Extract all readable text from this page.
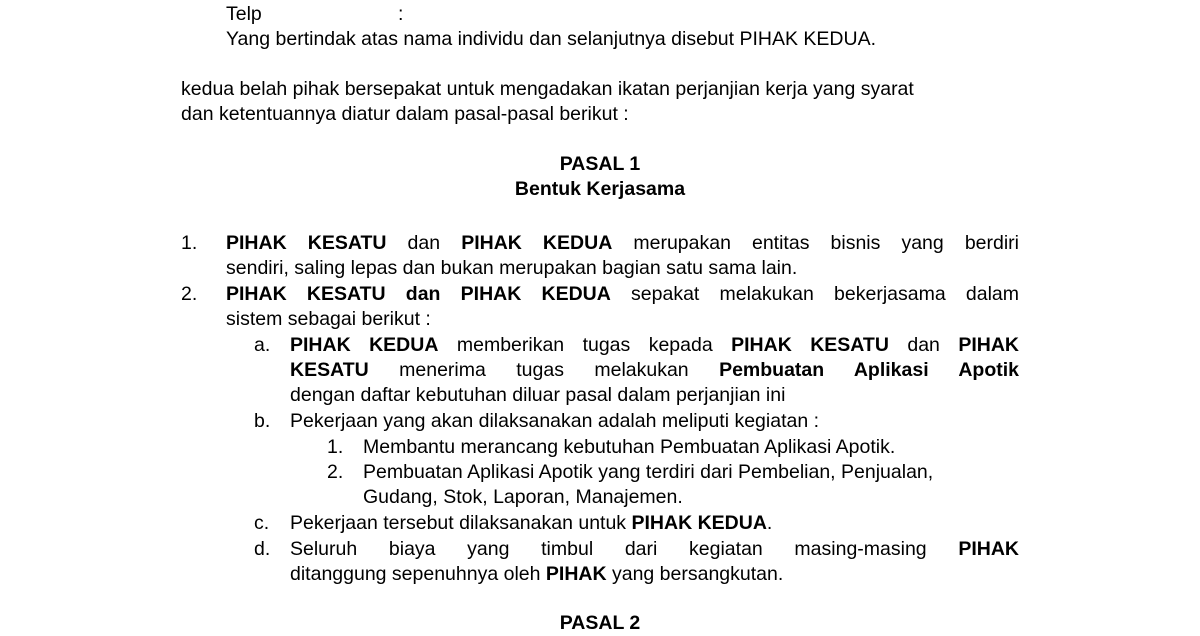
Telp	:
Yang bertindak atas nama individu dan selanjutnya disebut PIHAK KEDUA.
kedua belah pihak bersepakat untuk mengadakan ikatan perjanjian kerja yang syarat
dan ketentuannya diatur dalam pasal-pasal berikut :
PASAL 1
Bentuk Kerjasama
1. PIHAK KESATU dan PIHAK KEDUA merupakan entitas bisnis yang berdiri
sendiri, saling lepas dan bukan merupakan bagian satu sama lain.
2. PIHAK KESATU dan PIHAK KEDUA sepakat melakukan bekerjasama dalam
sistem sebagai berikut :
a. PIHAK KEDUA memberikan tugas kepada PIHAK KESATU dan PIHAK
KESATU menerima tugas melakukan Pembuatan Aplikasi Apotik
dengan daftar kebutuhan diluar pasal dalam perjanjian ini
b. Pekerjaan yang akan dilaksanakan adalah meliputi kegiatan :
1. Membantu merancang kebutuhan Pembuatan Aplikasi Apotik.
2. Pembuatan Aplikasi Apotik yang terdiri dari Pembelian, Penjualan,
Gudang, Stok, Laporan, Manajemen.
c. Pekerjaan tersebut dilaksanakan untuk PIHAK KEDUA.
d. Seluruh biaya yang timbul dari kegiatan masing-masing PIHAK
ditanggung sepenuhnya oleh PIHAK yang bersangkutan.
PASAL 2
